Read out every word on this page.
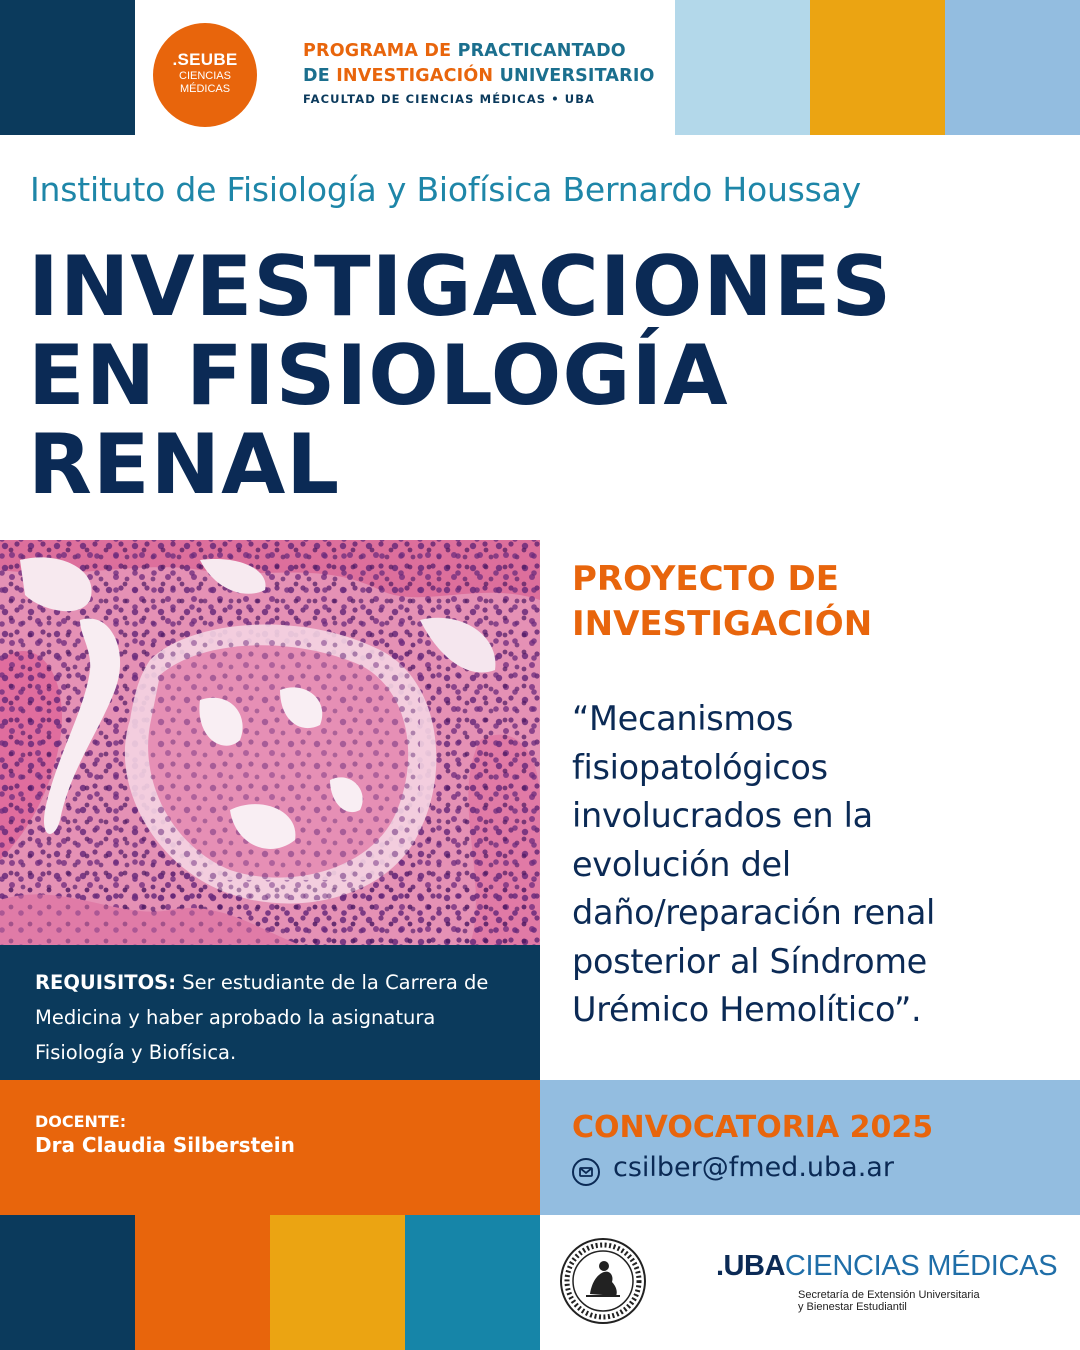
.SEUBE
CIENCIAS
MÉDICAS
PROGRAMA DE PRACTICANTADO
DE INVESTIGACIÓN UNIVERSITARIO
FACULTAD DE CIENCIAS MÉDICAS • UBA
Instituto de Fisiología y Biofísica Bernardo Houssay
INVESTIGACIONES
EN FISIOLOGÍA
RENAL
REQUISITOS: Ser estudiante de la Carrera de Medicina y haber aprobado la asignatura Fisiología y Biofísica.
DOCENTE:
Dra Claudia Silberstein
PROYECTO DE
INVESTIGACIÓN
“Mecanismos
fisiopatológicos
involucrados en la
evolución del
daño/reparación renal
posterior al Síndrome
Urémico Hemolítico”.
CONVOCATORIA 2025
csilber@fmed.uba.ar
.UBACIENCIAS MÉDICAS
Secretaría de Extensión Universitaria
y Bienestar Estudiantil
